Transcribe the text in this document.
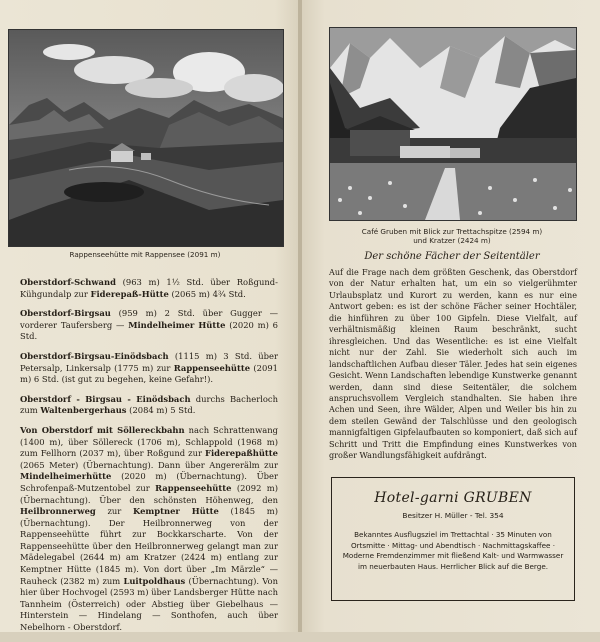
Rappenseehütte mit Rappensee (2091 m)

Oberstdorf-Schwand (963 m) 1½ Std. über Roßgund-Kühgundalp zur Fiderepaß-Hütte (2065 m) 4¾ Std.

Oberstdorf-Birgsau (959 m) 2 Std. über Gugger — vorderer Taufersberg — Mindelheimer Hütte (2020 m) 6 Std.

Oberstdorf-Birgsau-Einödsbach (1115 m) 3 Std. über Petersalp, Linkersalp (1775 m) zur Rappenseehütte (2091 m) 6 Std. (ist gut zu begehen, keine Gefahr!).

Oberstdorf - Birgsau - Einödsbach durchs Bacherloch zum Waltenbergerhaus (2084 m) 5 Std.

Von Oberstdorf mit Söllereckbahn nach Schrattenwang (1400 m), über Söllereck (1706 m), Schlappold (1968 m) zum Fellhorn (2037 m), über Roßgund zur Fiderepaßhütte (2065 Meter) (Übernachtung). Dann über Angererälm zur Mindelheimerhütte (2020 m) (Übernachtung). Über Schrofenpaß-Mutzentobel zur Rappenseehütte (2092 m) (Übernachtung). Über den schönsten Höhenweg, den Heilbronnerweg zur Kemptner Hütte (1845 m) (Übernachtung). Der Heilbronnerweg von der Rappenseehütte führt zur Bockkarscharte. Von der Rappenseehütte über den Heilbronnerweg gelangt man zur Mädelegabel (2644 m) am Kratzer (2424 m) entlang zur Kemptner Hütte (1845 m). Von dort über „Im Märzle“ — Rauheck (2382 m) zum Luitpoldhaus (Übernachtung). Von hier über Hochvogel (2593 m) über Landsberger Hütte nach Tannheim (Österreich) oder Abstieg über Giebelhaus — Hinterstein — Hindelang — Sonthofen, auch über Nebelhorn - Oberstdorf.

Café Gruben mit Blick zur Trettachspitze (2594 m)
und Kratzer (2424 m)
Der schöne Fächer der Seitentäler
Auf die Frage nach dem größten Geschenk, das Oberstdorf von der Natur erhalten hat, um ein so vielgerühmter Urlaubsplatz und Kurort zu werden, kann es nur eine Antwort geben: es ist der schöne Fächer seiner Hochtäler, die hinführen zu über 100 Gipfeln. Diese Vielfalt, auf verhältnismäßig kleinen Raum beschränkt, sucht ihresgleichen. Und das Wesentliche: es ist eine Vielfalt nicht nur der Zahl. Sie wiederholt sich auch im landschaftlichen Aufbau dieser Täler. Jedes hat sein eigenes Gesicht. Wenn Landschaften lebendige Kunstwerke genannt werden, dann sind diese Seitentäler, die solchem anspruchsvollem Vergleich standhalten. Sie haben ihre Achen und Seen, ihre Wälder, Alpen und Weiler bis hin zu dem steilen Gewänd der Talschlüsse und den geologisch mannigfaltigen Gipfelaufbauten so komponiert, daß sich auf Schritt und Tritt die Empfindung eines Kunstwerkes von großer Wandlungsfähigkeit aufdrängt.
Hotel-garni GRUBEN
Besitzer H. Müller - Tel. 354
Bekanntes Ausflugsziel im Trettachtal · 35 Minuten von Ortsmitte · Mittag- und Abendtisch · Nachmittagskaffee · Moderne Fremdenzimmer mit fließend Kalt- und Warmwasser im neuerbauten Haus. Herrlicher Blick auf die Berge.
